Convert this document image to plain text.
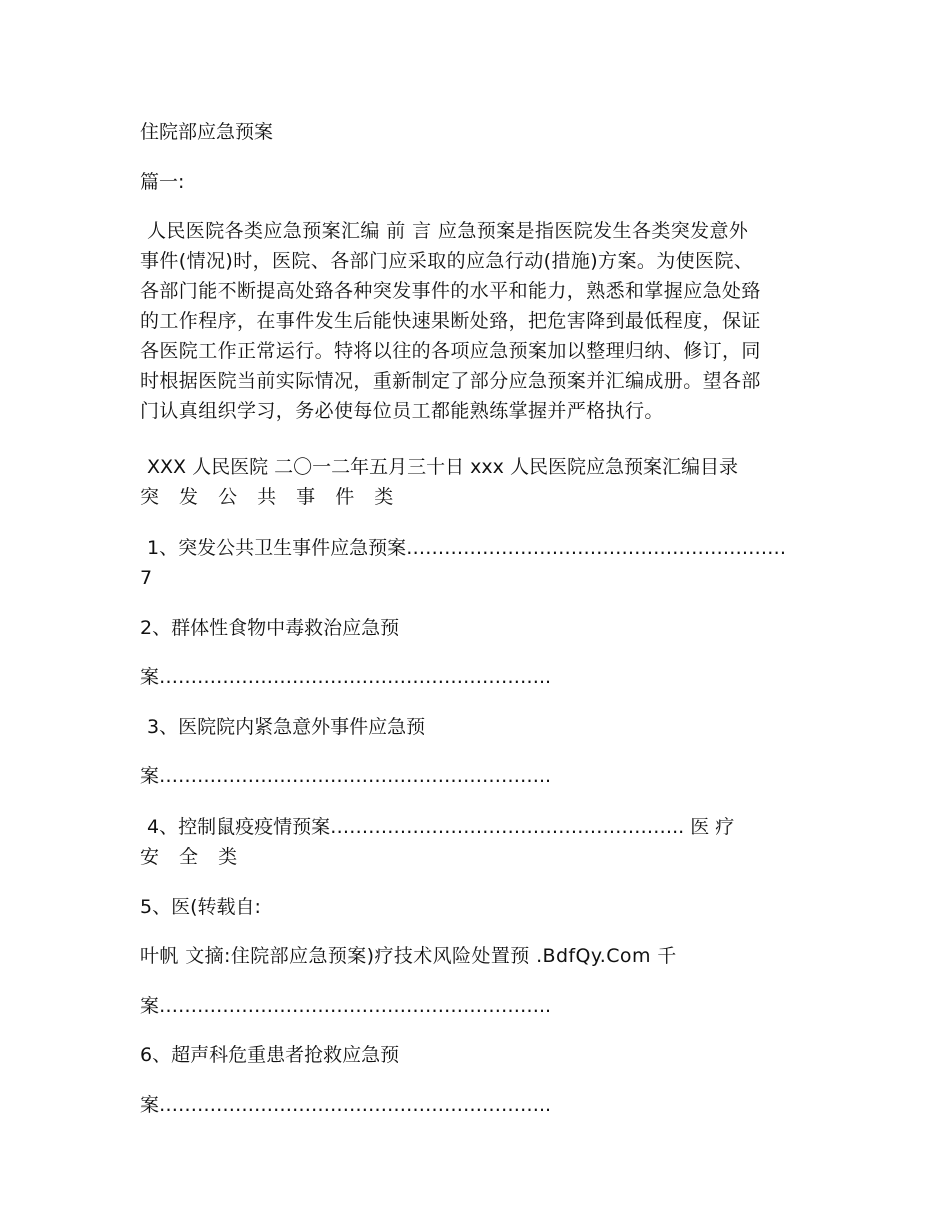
住院部应急预案
篇一:
人民医院各类应急预案汇编 前 言 应急预案是指医院发生各类突发意外
事件(情况)时，医院、各部门应采取的应急行动(措施)方案。为使医院、
各部门能不断提高处臵各种突发事件的水平和能力，熟悉和掌握应急处臵
的工作程序，在事件发生后能快速果断处臵，把危害降到最低程度，保证
各医院工作正常运行。特将以往的各项应急预案加以整理归纳、修订，同
时根据医院当前实际情况，重新制定了部分应急预案并汇编成册。望各部
门认真组织学习，务必使每位员工都能熟练掌握并严格执行。
XXX 人民医院 二〇一二年五月三十日 xxx 人民医院应急预案汇编目录
突 发 公 共 事 件 类
1、突发公共卫生事件应急预案……………………………………………………
7
2、群体性食物中毒救治应急预
案……………………………………………………..
3、医院院内紧急意外事件应急预
案……………………………………………………..
4、控制鼠疫疫情预案……………………………………………….. 医 疗
安 全 类
5、医(转载自:
叶帆 文摘:住院部应急预案)疗技术风险处置预 .BdfQy.Com 千
案……………………………………………………..
6、超声科危重患者抢救应急预
案……………………………………………………..
